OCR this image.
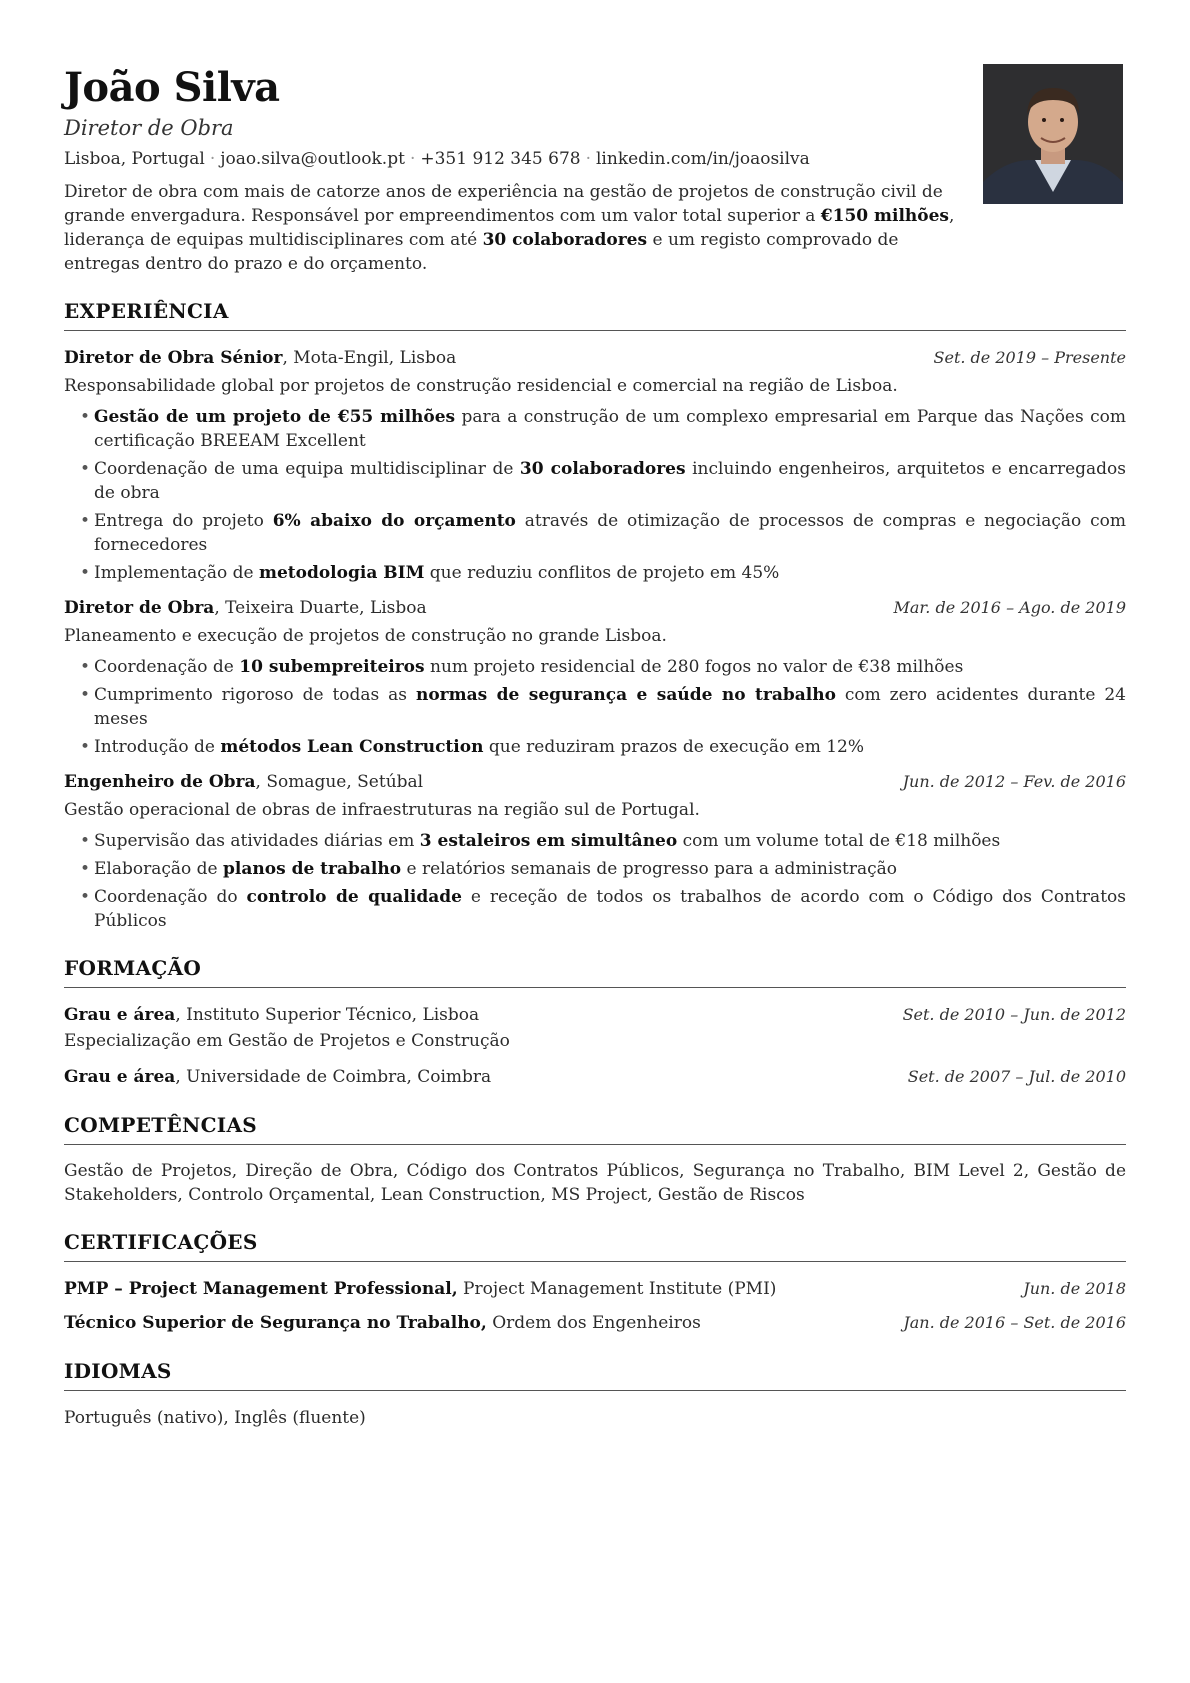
João Silva
Diretor de Obra
Lisboa, Portugal · joao.silva@outlook.pt · +351 912 345 678 · linkedin.com/in/joaosilva
Diretor de obra com mais de catorze anos de experiência na gestão de projetos de construção civil de grande envergadura. Responsável por empreendimentos com um valor total superior a €150 milhões, liderança de equipas multidisciplinares com até 30 colaboradores e um registo comprovado de entregas dentro do prazo e do orçamento.
EXPERIÊNCIA
Diretor de Obra Sénior, Mota-Engil, Lisboa	Set. de 2019 – Presente
Responsabilidade global por projetos de construção residencial e comercial na região de Lisboa.
• Gestão de um projeto de €55 milhões para a construção de um complexo empresarial em Parque das Nações com certificação BREEAM Excellent
• Coordenação de uma equipa multidisciplinar de 30 colaboradores incluindo engenheiros, arquitetos e encarregados de obra
• Entrega do projeto 6% abaixo do orçamento através de otimização de processos de compras e negociação com fornecedores
• Implementação de metodologia BIM que reduziu conflitos de projeto em 45%
Diretor de Obra, Teixeira Duarte, Lisboa	Mar. de 2016 – Ago. de 2019
Planeamento e execução de projetos de construção no grande Lisboa.
• Coordenação de 10 subempreiteiros num projeto residencial de 280 fogos no valor de €38 milhões
• Cumprimento rigoroso de todas as normas de segurança e saúde no trabalho com zero acidentes durante 24 meses
• Introdução de métodos Lean Construction que reduziram prazos de execução em 12%
Engenheiro de Obra, Somague, Setúbal	Jun. de 2012 – Fev. de 2016
Gestão operacional de obras de infraestruturas na região sul de Portugal.
• Supervisão das atividades diárias em 3 estaleiros em simultâneo com um volume total de €18 milhões
• Elaboração de planos de trabalho e relatórios semanais de progresso para a administração
• Coordenação do controlo de qualidade e receção de todos os trabalhos de acordo com o Código dos Contratos Públicos
FORMAÇÃO
Grau e área, Instituto Superior Técnico, Lisboa	Set. de 2010 – Jun. de 2012
Especialização em Gestão de Projetos e Construção
Grau e área, Universidade de Coimbra, Coimbra	Set. de 2007 – Jul. de 2010
COMPETÊNCIAS
Gestão de Projetos, Direção de Obra, Código dos Contratos Públicos, Segurança no Trabalho, BIM Level 2, Gestão de Stakeholders, Controlo Orçamental, Lean Construction, MS Project, Gestão de Riscos
CERTIFICAÇÕES
PMP – Project Management Professional, Project Management Institute (PMI)	Jun. de 2018
Técnico Superior de Segurança no Trabalho, Ordem dos Engenheiros	Jan. de 2016 – Set. de 2016
IDIOMAS
Português (nativo), Inglês (fluente)
